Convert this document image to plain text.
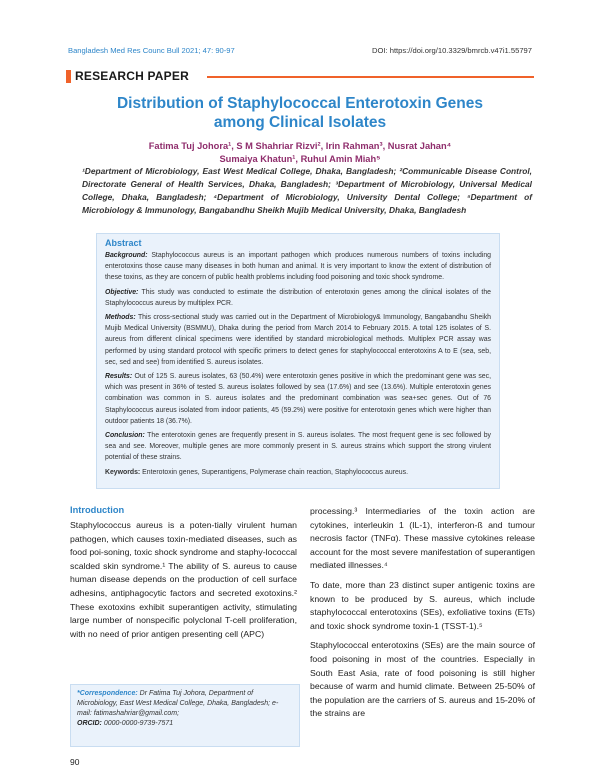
Bangladesh Med Res Counc Bull 2021; 47: 90-97	DOI: https://doi.org/10.3329/bmrcb.v47i1.55797
RESEARCH PAPER
Distribution of Staphylococcal Enterotoxin Genes
among Clinical Isolates
Fatima Tuj Johora¹, S M Shahriar Rizvi², Irin Rahman³, Nusrat Jahan⁴
Sumaiya Khatun¹, Ruhul Amin Miah⁵
¹Department of Microbiology, East West Medical College, Dhaka, Bangladesh; ²Communicable Disease Control, Directorate General of Health Services, Dhaka, Bangladesh; ³Department of Microbiology, Universal Medical College, Dhaka, Bangladesh; ⁴Department of Microbiology, University Dental College; ⁵Department of Microbiology & Immunology, Bangabandhu Sheikh Mujib Medical University, Dhaka, Bangladesh
Abstract

Background: Staphylococcus aureus is an important pathogen which produces numerous numbers of toxins including enterotoxins those cause many diseases in both human and animal. It is very important to know the extent of distribution of these toxins, as they are concern of public health problems including food poisoning and toxic shock syndrome.

Objective: This study was conducted to estimate the distribution of enterotoxin genes among the clinical isolates of the Staphylococcus aureus by multiplex PCR.

Methods: This cross-sectional study was carried out in the Department of Microbiology& Immunology, Bangabandhu Sheikh Mujib Medical University (BSMMU), Dhaka during the period from March 2014 to February 2015. A total 125 isolates of S. aureus from different clinical specimens were identified by standard microbiological methods. Multiplex PCR assay was performed by using standard protocol with specific primers to detect genes for staphylococcal enterotoxins A to E (sea, seb, sec, sed and see) from identified S. aureus isolates.

Results: Out of 125 S. aureus isolates, 63 (50.4%) were enterotoxin genes positive in which the predominant gene was sec, which was present in 36% of tested S. aureus isolates followed by sea (17.6%) and see (13.6%). Multiple enterotoxin genes combination was common in S. aureus isolates and the predominant combination was sea+sec genes. Out of 76 Staphylococcus aureus isolated from indoor patients, 45 (59.2%) were positive for enterotoxin genes which were higher than outdoor patients 18 (36.7%).

Conclusion: The enterotoxin genes are frequently present in S. aureus isolates. The most frequent gene is sec followed by sea and see. Moreover, multiple genes are more commonly present in S. aureus strains which support the strong virulent potential of these strains.

Keywords: Enterotoxin genes, Superantigens, Polymerase chain reaction, Staphylococcus aureus.
Introduction

Staphylococcus aureus is a poten-tially virulent human pathogen, which causes toxin-mediated diseases, such as food poi-soning, toxic shock syndrome and staphy-lococcal scalded skin syndrome.¹ The ability of S. aureus to cause human disease depends on the production of cell surface adhesins, antiphagocytic factors and secreted exotoxins.² These exotoxins exhibit superantigen activity, stimulating large number of nonspecific polyclonal T-cell proliferation, with no need of prior antigen presenting cell (APC)

processing.³ Intermediaries of the toxin action are cytokines, interleukin 1 (IL-1), interferon-ß and tumour necrosis factor (TNFα). These massive cytokines release account for the most severe manifestation of superantigen mediated illnesses.⁴

To date, more than 23 distinct super antigenic toxins are known to be produced by S. aureus, which include staphylococcal enterotoxins (SEs), exfoliative toxins (ETs) and toxic shock syndrome toxin-1 (TSST-1).⁵

Staphylococcal enterotoxins (SEs) are the main source of food poisoning in most of the countries. Especially in South East Asia, rate of food poisoning is still higher because of warm and humid climate. Between 25-50% of the population are the carriers of S. aureus and 15-20% of the strains are

*Correspondence: Dr Fatima Tuj Johora, Department of Microbiology, East West Medical College, Dhaka, Bangladesh; e-mail: fatimashahriar@gmail.com;
ORCID: 0000-0000-9739-7571
90
